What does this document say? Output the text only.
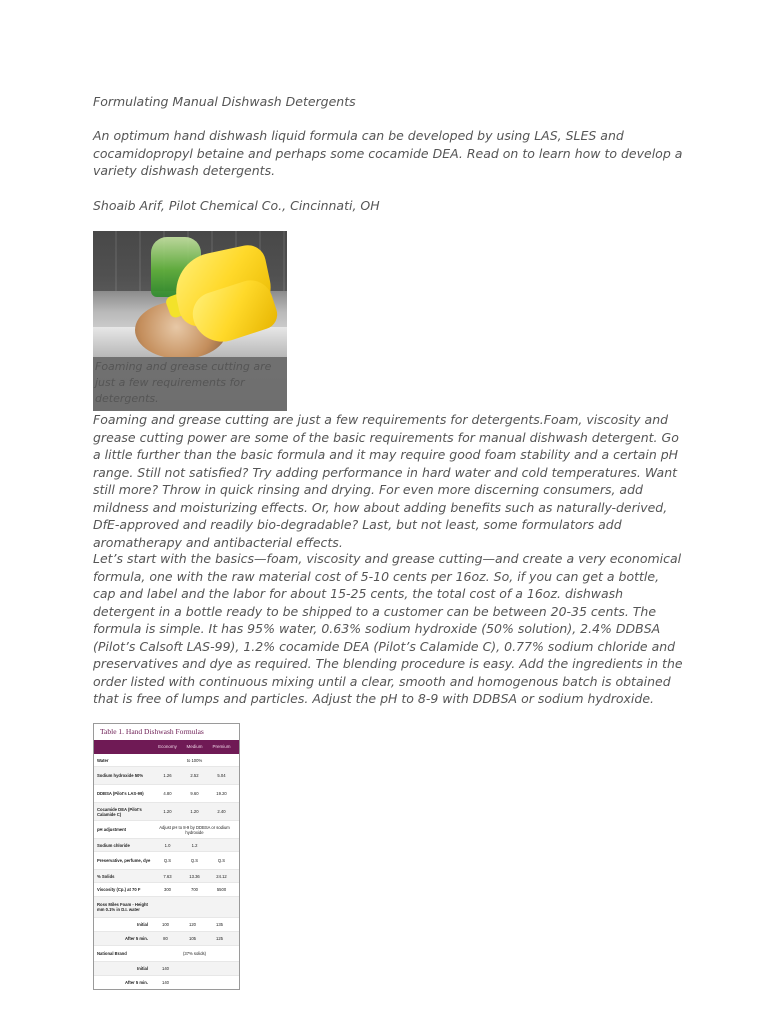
Formulating Manual Dishwash Detergents

An optimum hand dishwash liquid formula can be developed by using LAS, SLES and cocamidopropyl betaine and perhaps some cocamide DEA. Read on to learn how to develop a variety dishwash detergents.

Shoaib Arif, Pilot Chemical Co., Cincinnati, OH

Foaming and grease cutting are just a few requirements for detergents.

Foaming and grease cutting are just a few requirements for detergents.Foam, viscosity and grease cutting power are some of the basic requirements for manual dishwash detergent. Go a little further than the basic formula and it may require good foam stability and a certain pH range. Still not satisfied? Try adding performance in hard water and cold temperatures. Want still more? Throw in quick rinsing and drying. For even more discerning consumers, add mildness and moisturizing effects. Or, how about adding benefits such as naturally-derived, DfE-approved and readily bio-degradable? Last, but not least, some formulators add aromatherapy and antibacterial effects.

Let’s start with the basics—foam, viscosity and grease cutting—and create a very economical formula, one with the raw material cost of 5-10 cents per 16oz. So, if you can get a bottle, cap and label and the labor for about 15-25 cents, the total cost of a 16oz. dishwash detergent in a bottle ready to be shipped to a customer can be between 20-35 cents. The formula is simple. It has 95% water, 0.63% sodium hydroxide (50% solution), 2.4% DDBSA (Pilot’s Calsoft LAS-99), 1.2% cocamide DEA (Pilot’s Calamide C), 0.77% sodium chloride and preservatives and dye as required. The blending procedure is easy. Add the ingredients in the order listed with continuous mixing until a clear, smooth and homogenous batch is obtained that is free of lumps and particles. Adjust the pH to 8-9 with DDBSA or sodium hydroxide.

Table 1. Hand Dishwash Formulas
Economy	Medium	Premium
Water	to 100%
Sodium hydroxide 50%	1.26	2.52	5.04
DDBSA (Pilot's LAS-99)	4.80	9.60	19.20
Cocamide DEA (Pilot's Calamide C)	1.20	1.20	2.40
pH adjustment	Adjust pH to 8-9 by DDBSA or sodium hydroxide
Sodium chloride	1.0	1.2
Preservative, perfume, dye	Q.S	Q.S	Q.S
% Solids	7.63	13.36	24.12
Viscosity (Cp.) at 70 F	300	700	5500
Ross Miles Foam - Height mm 0.1% in D.I. water
Initial	100	120	135
After 5 min.	80	105	125
National Brand	(37% solids)
Initial	140
After 5 min.	140
